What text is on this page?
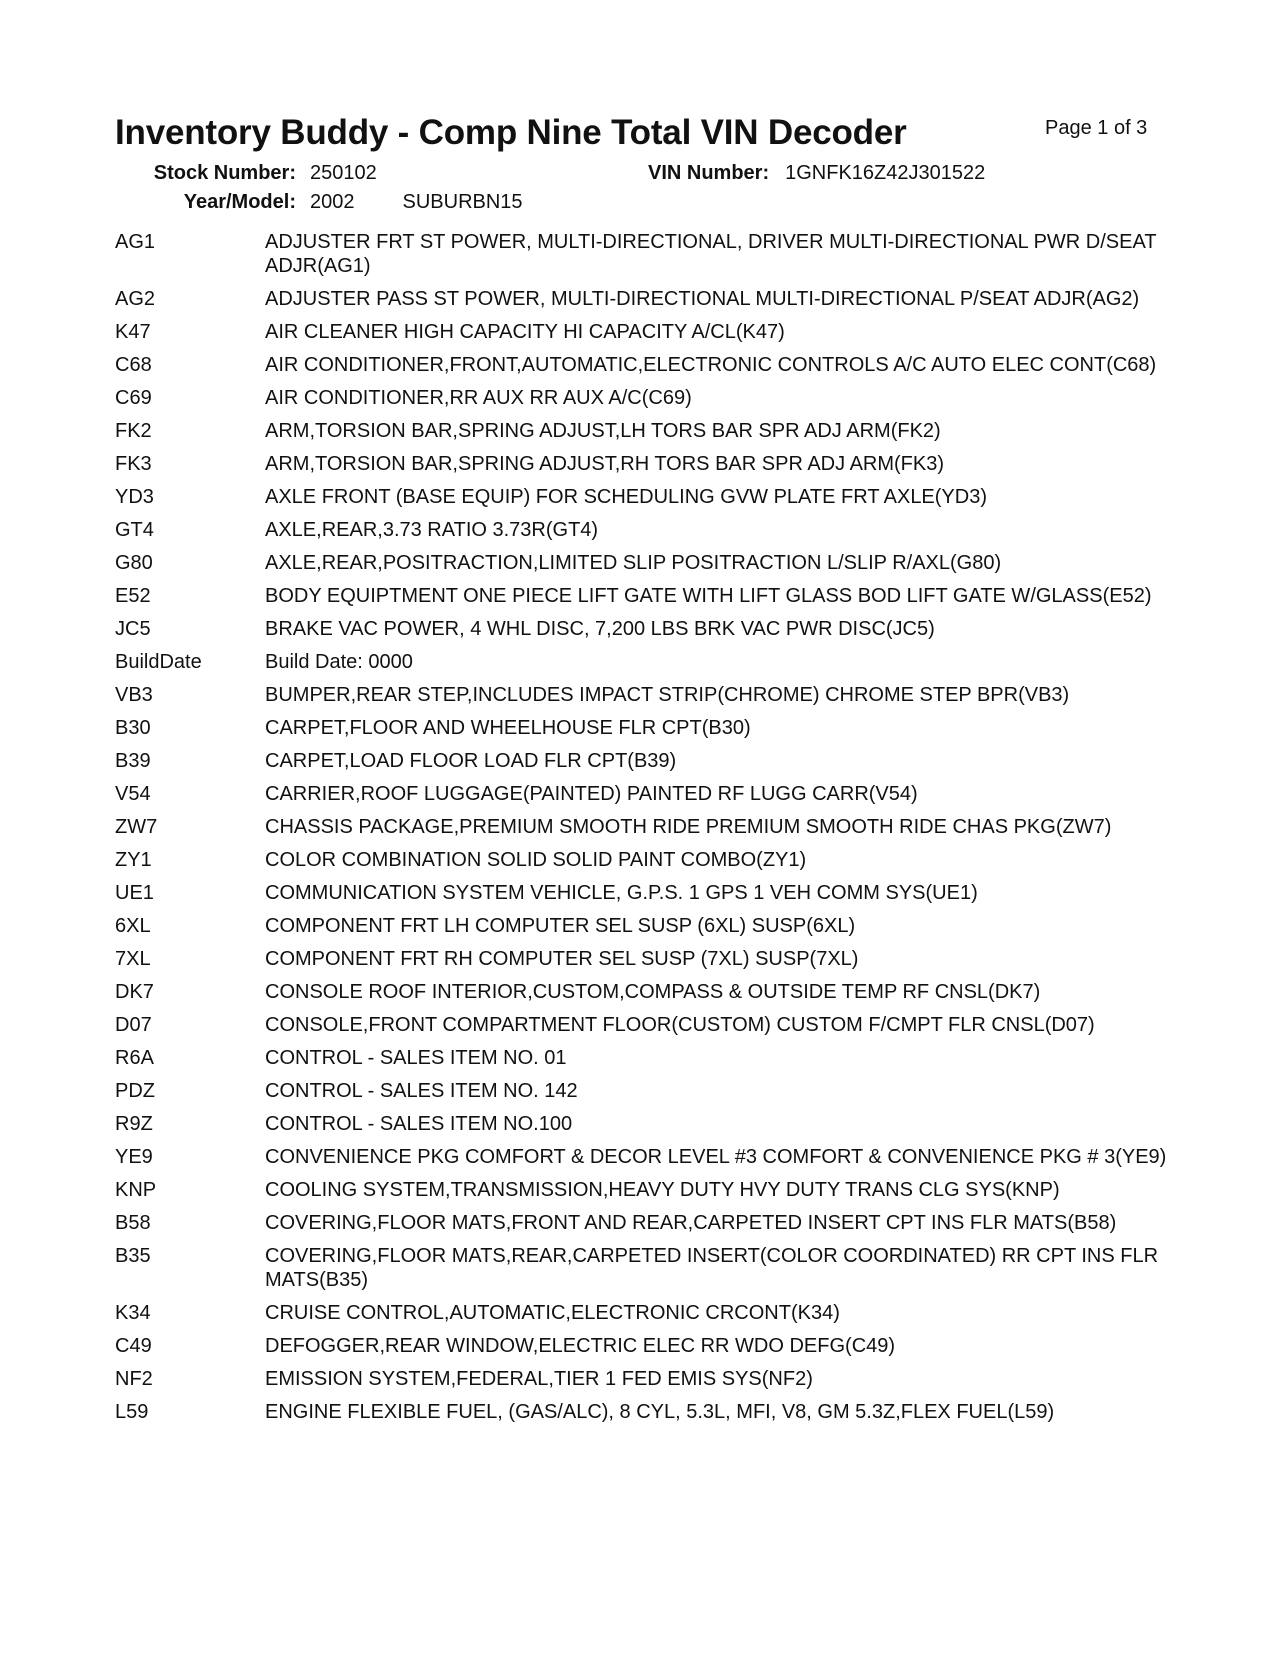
Inventory Buddy - Comp Nine Total VIN Decoder	Page 1 of 3
Stock Number: 250102	VIN Number: 1GNFK16Z42J301522
Year/Model: 2002 SUBURBN15
AG1	ADJUSTER FRT ST POWER, MULTI-DIRECTIONAL, DRIVER MULTI-DIRECTIONAL PWR D/SEAT ADJR(AG1)
AG2	ADJUSTER PASS ST POWER, MULTI-DIRECTIONAL MULTI-DIRECTIONAL P/SEAT ADJR(AG2)
K47	AIR CLEANER HIGH CAPACITY HI CAPACITY A/CL(K47)
C68	AIR CONDITIONER,FRONT,AUTOMATIC,ELECTRONIC CONTROLS A/C AUTO ELEC CONT(C68)
C69	AIR CONDITIONER,RR AUX RR AUX A/C(C69)
FK2	ARM,TORSION BAR,SPRING ADJUST,LH TORS BAR SPR ADJ ARM(FK2)
FK3	ARM,TORSION BAR,SPRING ADJUST,RH TORS BAR SPR ADJ ARM(FK3)
YD3	AXLE FRONT (BASE EQUIP) FOR SCHEDULING GVW PLATE FRT AXLE(YD3)
GT4	AXLE,REAR,3.73 RATIO 3.73R(GT4)
G80	AXLE,REAR,POSITRACTION,LIMITED SLIP POSITRACTION L/SLIP R/AXL(G80)
E52	BODY EQUIPTMENT ONE PIECE LIFT GATE WITH LIFT GLASS BOD LIFT GATE W/GLASS(E52)
JC5	BRAKE VAC POWER, 4 WHL DISC, 7,200 LBS BRK VAC PWR DISC(JC5)
BuildDate	Build Date: 0000
VB3	BUMPER,REAR STEP,INCLUDES IMPACT STRIP(CHROME) CHROME STEP BPR(VB3)
B30	CARPET,FLOOR AND WHEELHOUSE FLR CPT(B30)
B39	CARPET,LOAD FLOOR LOAD FLR CPT(B39)
V54	CARRIER,ROOF LUGGAGE(PAINTED) PAINTED RF LUGG CARR(V54)
ZW7	CHASSIS PACKAGE,PREMIUM SMOOTH RIDE PREMIUM SMOOTH RIDE CHAS PKG(ZW7)
ZY1	COLOR COMBINATION SOLID SOLID PAINT COMBO(ZY1)
UE1	COMMUNICATION SYSTEM VEHICLE, G.P.S. 1 GPS 1 VEH COMM SYS(UE1)
6XL	COMPONENT FRT LH COMPUTER SEL SUSP (6XL) SUSP(6XL)
7XL	COMPONENT FRT RH COMPUTER SEL SUSP (7XL) SUSP(7XL)
DK7	CONSOLE ROOF INTERIOR,CUSTOM,COMPASS & OUTSIDE TEMP RF CNSL(DK7)
D07	CONSOLE,FRONT COMPARTMENT FLOOR(CUSTOM) CUSTOM F/CMPT FLR CNSL(D07)
R6A	CONTROL - SALES ITEM NO. 01
PDZ	CONTROL - SALES ITEM NO. 142
R9Z	CONTROL - SALES ITEM NO.100
YE9	CONVENIENCE PKG COMFORT & DECOR LEVEL #3 COMFORT & CONVENIENCE PKG # 3(YE9)
KNP	COOLING SYSTEM,TRANSMISSION,HEAVY DUTY HVY DUTY TRANS CLG SYS(KNP)
B58	COVERING,FLOOR MATS,FRONT AND REAR,CARPETED INSERT CPT INS FLR MATS(B58)
B35	COVERING,FLOOR MATS,REAR,CARPETED INSERT(COLOR COORDINATED) RR CPT INS FLR MATS(B35)
K34	CRUISE CONTROL,AUTOMATIC,ELECTRONIC CRCONT(K34)
C49	DEFOGGER,REAR WINDOW,ELECTRIC ELEC RR WDO DEFG(C49)
NF2	EMISSION SYSTEM,FEDERAL,TIER 1 FED EMIS SYS(NF2)
L59	ENGINE FLEXIBLE FUEL, (GAS/ALC), 8 CYL, 5.3L, MFI, V8, GM 5.3Z,FLEX FUEL(L59)
